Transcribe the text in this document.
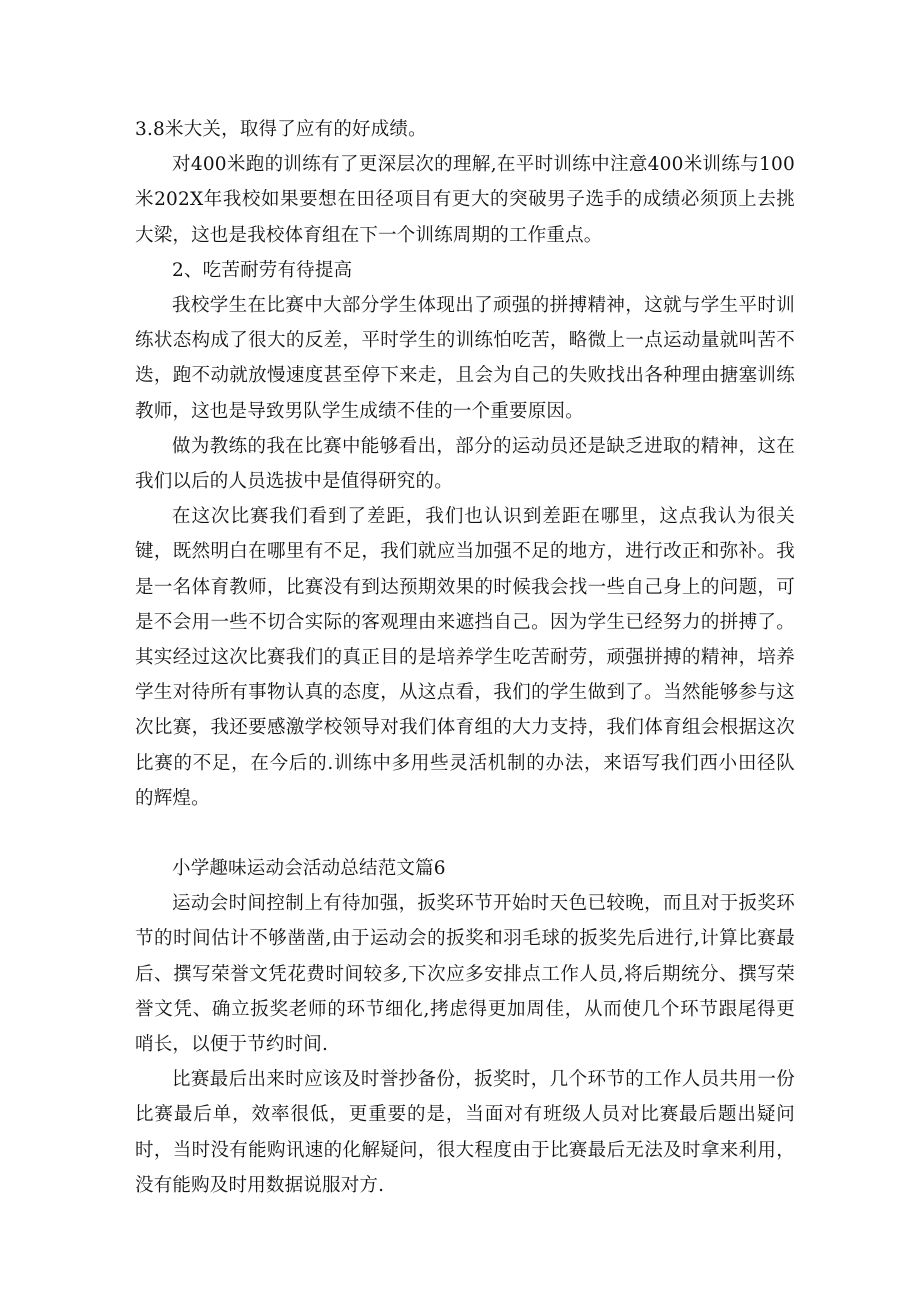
3.8米大关，取得了应有的好成绩。

对400米跑的训练有了更深层次的理解,在平时训练中注意400米训练与100米202X年我校如果要想在田径项目有更大的突破男子选手的成绩必须顶上去挑大梁，这也是我校体育组在下一个训练周期的工作重点。

2、吃苦耐劳有待提高

我校学生在比赛中大部分学生体现出了顽强的拼搏精神，这就与学生平时训练状态构成了很大的反差，平时学生的训练怕吃苦，略微上一点运动量就叫苦不迭，跑不动就放慢速度甚至停下来走，且会为自己的失败找出各种理由搪塞训练教师，这也是导致男队学生成绩不佳的一个重要原因。

做为教练的我在比赛中能够看出，部分的运动员还是缺乏进取的精神，这在我们以后的人员选拔中是值得研究的。

在这次比赛我们看到了差距，我们也认识到差距在哪里，这点我认为很关键，既然明白在哪里有不足，我们就应当加强不足的地方，进行改正和弥补。我是一名体育教师，比赛没有到达预期效果的时候我会找一些自己身上的问题，可是不会用一些不切合实际的客观理由来遮挡自己。因为学生已经努力的拼搏了。其实经过这次比赛我们的真正目的是培养学生吃苦耐劳，顽强拼搏的精神，培养学生对待所有事物认真的态度，从这点看，我们的学生做到了。当然能够参与这次比赛，我还要感激学校领导对我们体育组的大力支持，我们体育组会根据这次比赛的不足，在今后的.训练中多用些灵活机制的办法，来语写我们西小田径队的辉煌。

小学趣味运动会活动总结范文篇6

运动会时间控制上有待加强，扳奖环节开始时天色已较晚，而且对于扳奖环节的时间估计不够凿凿,由于运动会的扳奖和羽毛球的扳奖先后进行,计算比赛最后、撰写荣誉文凭花费时间较多,下次应多安排点工作人员,将后期统分、撰写荣誉文凭、确立扳奖老师的环节细化,拷虑得更加周佳，从而使几个环节跟尾得更哨长，以便于节约时间.

比赛最后出来时应该及时誉抄备份，扳奖时，几个环节的工作人员共用一份比赛最后单，效率很低，更重要的是，当面对有班级人员对比赛最后题出疑问时，当时没有能购讯速的化解疑问，很大程度由于比赛最后无法及时拿来利用，没有能购及时用数据说服对方.
